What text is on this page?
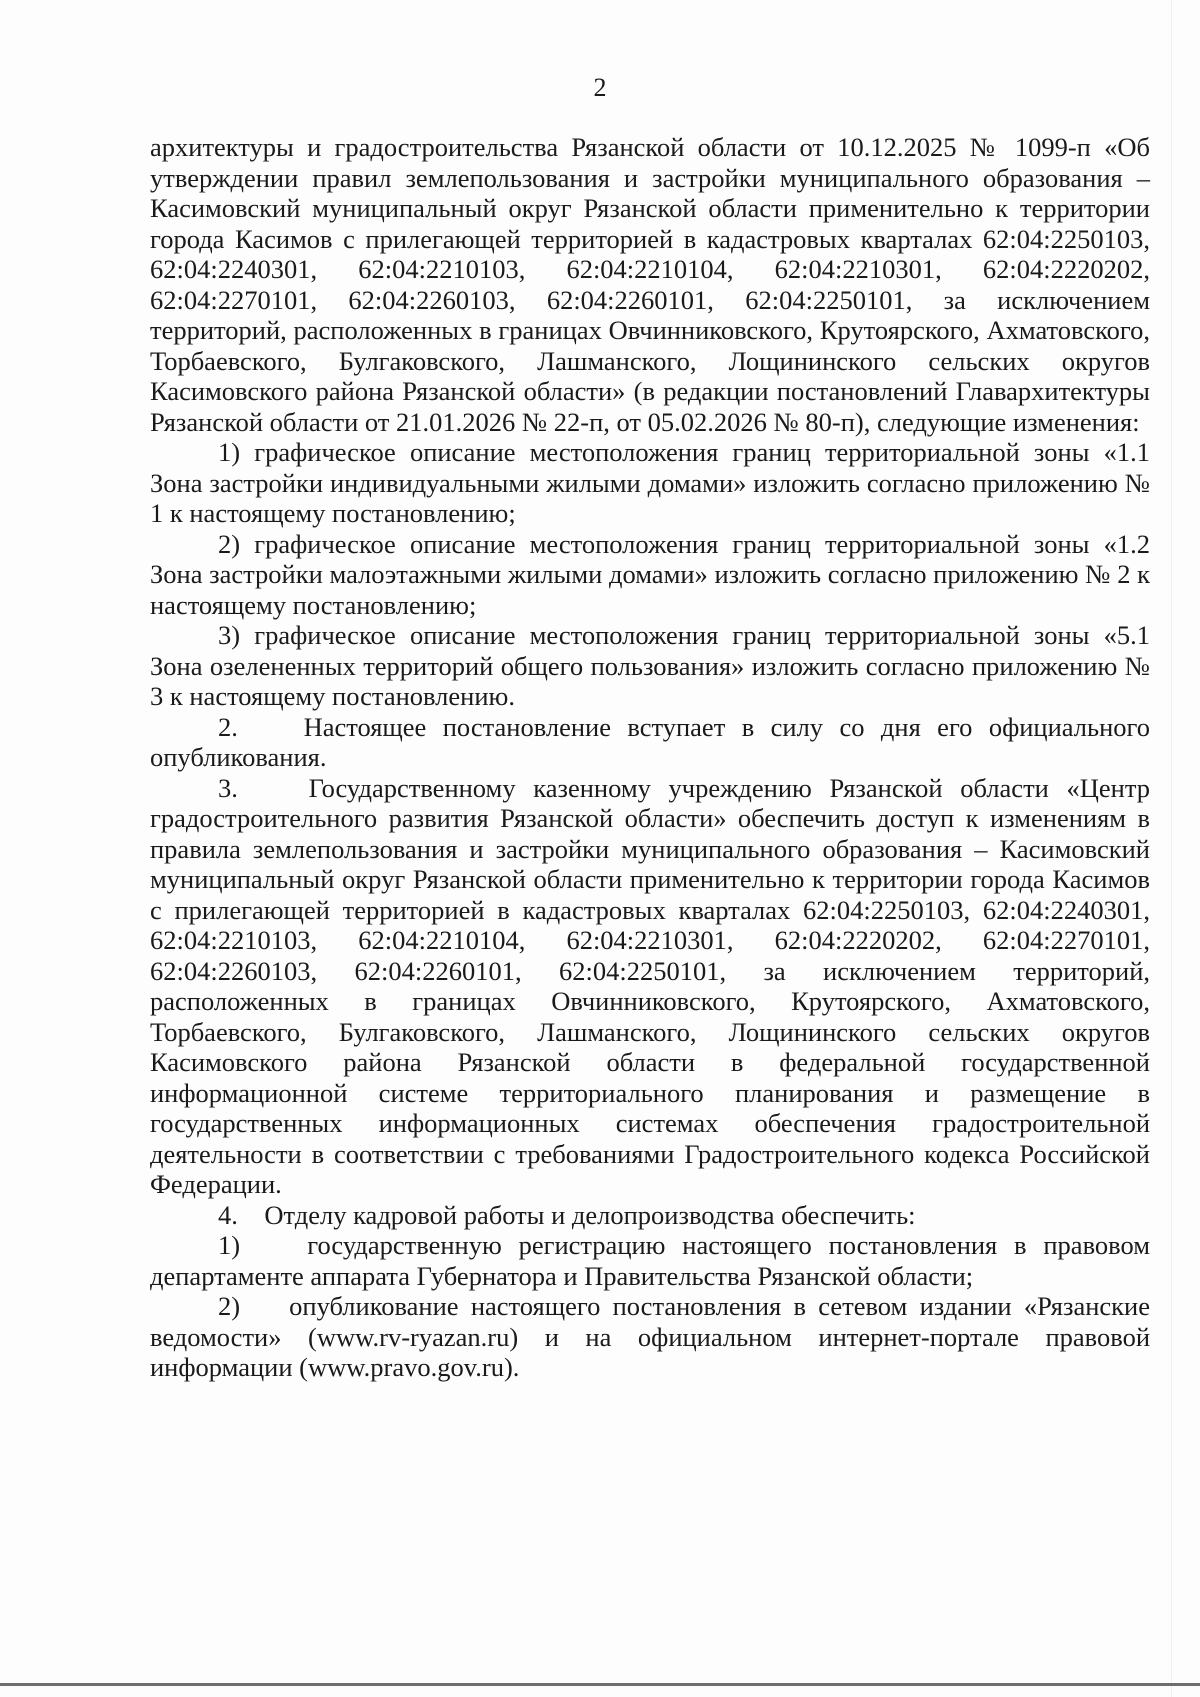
2

архитектуры и градостроительства Рязанской области от 10.12.2025 № 1099-п «Об утверждении правил землепользования и застройки муниципального образования – Касимовский муниципальный округ Рязанской области применительно к территории города Касимов с прилегающей территорией в кадастровых кварталах 62:04:2250103, 62:04:2240301, 62:04:2210103, 62:04:2210104, 62:04:2210301, 62:04:2220202, 62:04:2270101, 62:04:2260103, 62:04:2260101, 62:04:2250101, за исключением территорий, расположенных в границах Овчинниковского, Крутоярского, Ахматовского, Торбаевского, Булгаковского, Лашманского, Лощининского сельских округов Касимовского района Рязанской области» (в редакции постановлений Главархитектуры Рязанской области от 21.01.2026 № 22-п, от 05.02.2026 № 80-п), следующие изменения:

1) графическое описание местоположения границ территориальной зоны «1.1 Зона застройки индивидуальными жилыми домами» изложить согласно приложению № 1 к настоящему постановлению;

2) графическое описание местоположения границ территориальной зоны «1.2 Зона застройки малоэтажными жилыми домами» изложить согласно приложению № 2 к настоящему постановлению;

3) графическое описание местоположения границ территориальной зоны «5.1 Зона озелененных территорий общего пользования» изложить согласно приложению № 3 к настоящему постановлению.

2.    Настоящее постановление вступает в силу со дня его официального опубликования.

3.    Государственному казенному учреждению Рязанской области «Центр градостроительного развития Рязанской области» обеспечить доступ к изменениям в правила землепользования и застройки муниципального образования – Касимовский муниципальный округ Рязанской области применительно к территории города Касимов с прилегающей территорией в кадастровых кварталах 62:04:2250103, 62:04:2240301, 62:04:2210103, 62:04:2210104, 62:04:2210301, 62:04:2220202, 62:04:2270101, 62:04:2260103, 62:04:2260101, 62:04:2250101, за исключением территорий, расположенных в границах Овчинниковского, Крутоярского, Ахматовского, Торбаевского, Булгаковского, Лашманского, Лощининского сельских округов Касимовского района Рязанской области в федеральной государственной информационной системе территориального планирования и размещение в государственных информационных системах обеспечения градостроительной деятельности в соответствии с требованиями Градостроительного кодекса Российской Федерации.

4.    Отделу кадровой работы и делопроизводства обеспечить:

1)    государственную регистрацию настоящего постановления в правовом департаменте аппарата Губернатора и Правительства Рязанской области;

2)    опубликование настоящего постановления в сетевом издании «Рязанские ведомости» (www.rv-ryazan.ru) и на официальном интернет-портале правовой информации (www.pravo.gov.ru).
